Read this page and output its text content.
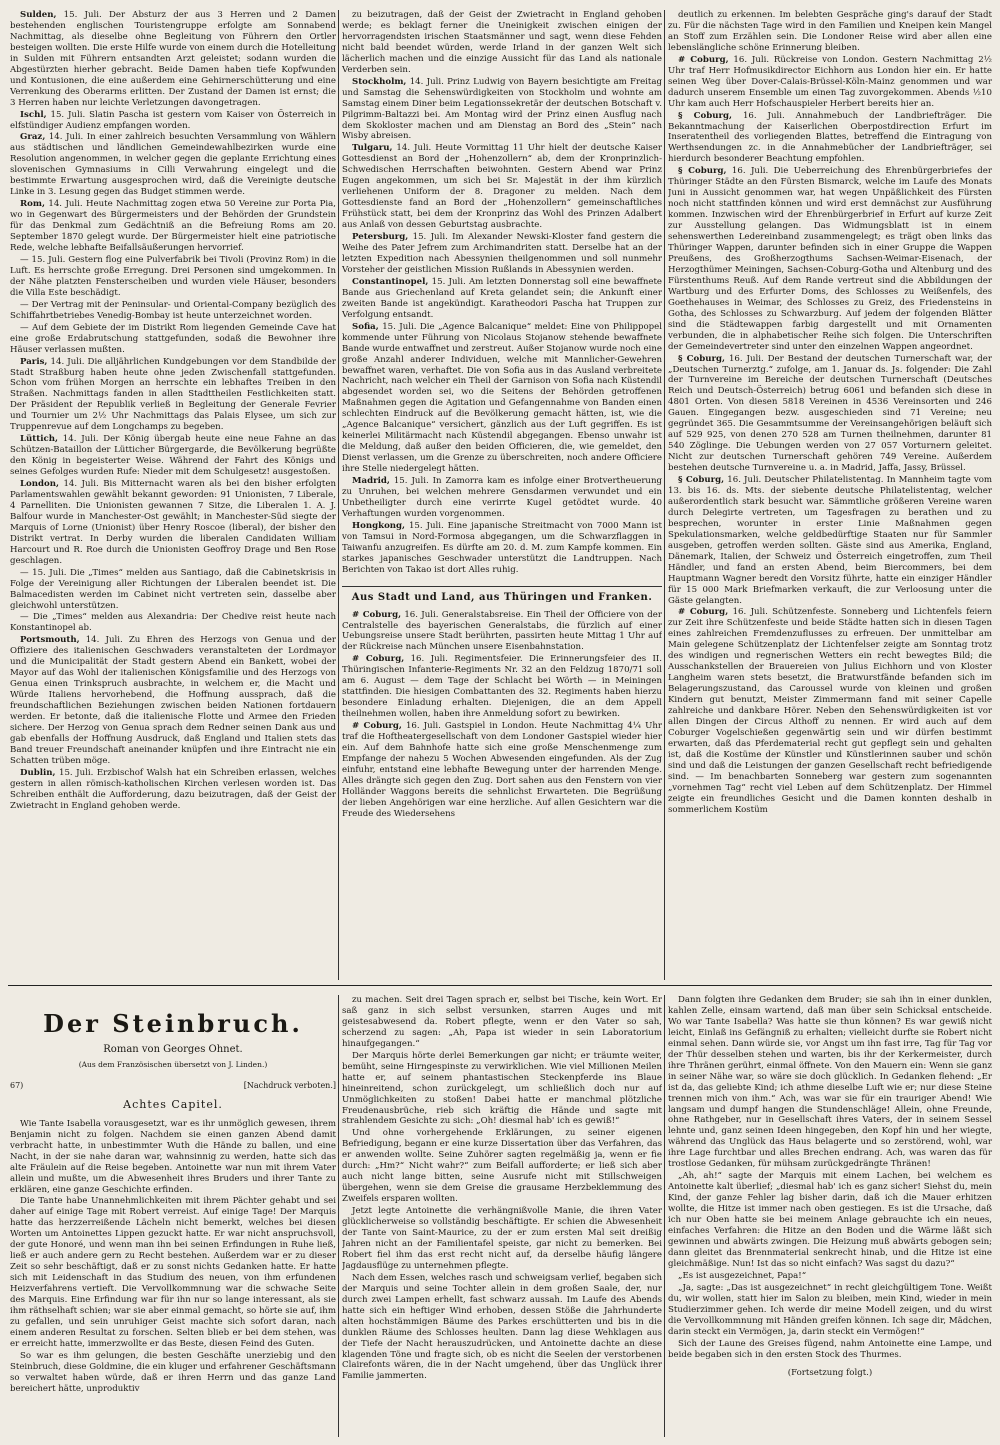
Sulden, 15. Juli. Der Absturz der aus 3 Herren und 2 Damen bestehenden englischen Touristengruppe erfolgte am Sonnabend Nachmittag, als dieselbe ohne Begleitung von Führern den Ortler besteigen wollten. Die erste Hilfe wurde von einem durch die Hotelleitung in Sulden mit Führern entsandten Arzt geleistet; sodann wurden die Abgestürzten hierher gebracht. Beide Damen haben tiefe Kopfwunden und Kontusionen, die eine außerdem eine Gehirnerschütterung und eine Verrenkung des Oberarms erlitten. Der Zustand der Damen ist ernst; die 3 Herren haben nur leichte Verletzungen davongetragen.

Ischl, 15. Juli. Slatin Pascha ist gestern vom Kaiser von Österreich in elfstündiger Audienz empfangen worden.

Graz, 14. Juli. In einer zahlreich besuchten Versammlung von Wählern aus städtischen und ländlichen Gemeindewahlbezirken wurde eine Resolution angenommen, in welcher gegen die geplante Errichtung eines slovenischen Gymnasiums in Cilli Verwahrung eingelegt und die bestimmte Erwartung ausgesprochen wird, daß die Vereinigte deutsche Linke in 3. Lesung gegen das Budget stimmen werde.

Rom, 14. Juli. Heute Nachmittag zogen etwa 50 Vereine zur Porta Pia, wo in Gegenwart des Bürgermeisters und der Behörden der Grundstein für das Denkmal zum Gedächtniß an die Befreiung Roms am 20. September 1870 gelegt wurde. Der Bürgermeister hielt eine patriotische Rede, welche lebhafte Beifallsäußerungen hervorrief.

— 15. Juli. Gestern flog eine Pulverfabrik bei Tivoli (Provinz Rom) in die Luft. Es herrschte große Erregung. Drei Personen sind umgekommen. In der Nähe platzten Fensterscheiben und wurden viele Häuser, besonders die Villa Este beschädigt.

— Der Vertrag mit der Peninsular- und Oriental-Company bezüglich des Schiffahrtbetriebes Venedig-Bombay ist heute unterzeichnet worden.

— Auf dem Gebiete der im Distrikt Rom liegenden Gemeinde Cave hat eine große Erdabrutschung stattgefunden, sodaß die Bewohner ihre Häuser verlassen mußten.

Paris, 14. Juli. Die alljährlichen Kundgebungen vor dem Standbilde der Stadt Straßburg haben heute ohne jeden Zwischenfall stattgefunden. Schon vom frühen Morgen an herrschte ein lebhaftes Treiben in den Straßen. Nachmittags fanden in allen Stadttheilen Festlichkeiten statt. Der Präsident der Republik verließ in Begleitung der Generale Fevrier und Tournier um 2½ Uhr Nachmittags das Palais Elysee, um sich zur Truppenrevue auf dem Longchamps zu begeben.

Lüttich, 14. Juli. Der König übergab heute eine neue Fahne an das Schützen-Bataillon der Lütticher Bürgergarde, die Bevölkerung begrüßte den König in begeisterter Weise. Während der Fahrt des Königs und seines Gefolges wurden Rufe: Nieder mit dem Schulgesetz! ausgestoßen.

London, 14. Juli. Bis Mitternacht waren als bei den bisher erfolgten Parlamentswahlen gewählt bekannt geworden: 91 Unionisten, 7 Liberale, 4 Parnelliten. Die Unionisten gewannen 7 Sitze, die Liberalen 1. A. J. Balfour wurde in Manchester-Ost gewählt; in Manchester-Süd siegte der Marquis of Lorne (Unionist) über Henry Roscoe (liberal), der bisher den Distrikt vertrat. In Derby wurden die liberalen Candidaten William Harcourt und R. Roe durch die Unionisten Geoffroy Drage und Ben Rose geschlagen.

— 15. Juli. Die „Times“ melden aus Santiago, daß die Cabinetskrisis in Folge der Vereinigung aller Richtungen der Liberalen beendet ist. Die Balmacedisten werden im Cabinet nicht vertreten sein, dasselbe aber gleichwohl unterstützen.

— Die „Times“ melden aus Alexandria: Der Chedive reist heute nach Konstantinopel ab.

Portsmouth, 14. Juli. Zu Ehren des Herzogs von Genua und der Offiziere des italienischen Geschwaders veranstalteten der Lordmayor und die Municipalität der Stadt gestern Abend ein Bankett, wobei der Mayor auf das Wohl der italienischen Königsfamilie und des Herzogs von Genua einen Trinkspruch ausbrachte, in welchem er, die Macht und Würde Italiens hervorhebend, die Hoffnung aussprach, daß die freundschaftlichen Beziehungen zwischen beiden Nationen fortdauern werden. Er betonte, daß die italienische Flotte und Armee den Frieden sichere. Der Herzog von Genua sprach dem Redner seinen Dank aus und gab ebenfalls der Hoffnung Ausdruck, daß England und Italien stets das Band treuer Freundschaft aneinander knüpfen und ihre Eintracht nie ein Schatten trüben möge.

Dublin, 15. Juli. Erzbischof Walsh hat ein Schreiben erlassen, welches gestern in allen römisch-katholischen Kirchen verlesen worden ist. Das Schreiben enthält die Aufforderung, dazu beizutragen, daß der Geist der Zwietracht in England gehoben werde.

zu beizutragen, daß der Geist der Zwietracht in England gehoben werde; es beklagt ferner die Uneinigkeit zwischen einigen der hervorragendsten irischen Staatsmänner und sagt, wenn diese Fehden nicht bald beendet würden, werde Irland in der ganzen Welt sich lächerlich machen und die einzige Aussicht für das Land als nationale Verderben sein.

Stockholm, 14. Juli. Prinz Ludwig von Bayern besichtigte am Freitag und Samstag die Sehenswürdigkeiten von Stockholm und wohnte am Samstag einem Diner beim Legationssekretär der deutschen Botschaft v. Pilgrimm-Baltazzi bei. Am Montag wird der Prinz einen Ausflug nach dem Skokloster machen und am Dienstag an Bord des „Stein“ nach Wisby abreisen.

Tulgaru, 14. Juli. Heute Vormittag 11 Uhr hielt der deutsche Kaiser Gottesdienst an Bord der „Hohenzollern“ ab, dem der Kronprinzlich-Schwedischen Herrschaften beiwohnten. Gestern Abend war Prinz Eugen angekommen, um sich bei Sr. Majestät in der ihm kürzlich verliehenen Uniform der 8. Dragoner zu melden. Nach dem Gottesdienste fand an Bord der „Hohenzollern“ gemeinschaftliches Frühstück statt, bei dem der Kronprinz das Wohl des Prinzen Adalbert aus Anlaß von dessen Geburtstag ausbrachte.

Petersburg, 15. Juli. Im Alexander Newski-Kloster fand gestern die Weihe des Pater Jefrem zum Archimandriten statt. Derselbe hat an der letzten Expedition nach Abessynien theilgenommen und soll nunmehr Vorsteher der geistlichen Mission Rußlands in Abessynien werden.

Constantinopel, 15. Juli. Am letzten Donnerstag soll eine bewaffnete Bande aus Griechenland auf Kreta gelandet sein; die Ankunft einer zweiten Bande ist angekündigt. Karatheodori Pascha hat Truppen zur Verfolgung entsandt.

Sofia, 15. Juli. Die „Agence Balcanique“ meldet: Eine von Philippopel kommende unter Führung von Nicolaus Stojanow stehende bewaffnete Bande wurde entwaffnet und zerstreut. Außer Stojanow wurde noch eine große Anzahl anderer Individuen, welche mit Mannlicher-Gewehren bewaffnet waren, verhaftet. Die von Sofia aus in das Ausland verbreitete Nachricht, nach welcher ein Theil der Garnison von Sofia nach Küstendil abgesendet worden sei, wo die Seitens der Behörden getroffenen Maßnahmen gegen die Agitation und Gefangennahme von Banden einen schlechten Eindruck auf die Bevölkerung gemacht hätten, ist, wie die „Agence Balcanique“ versichert, gänzlich aus der Luft gegriffen. Es ist keinerlei Militärmacht nach Küstendil abgegangen. Ebenso unwahr ist die Meldung, daß außer den beiden Officieren, die, wie gemeldet, den Dienst verlassen, um die Grenze zu überschreiten, noch andere Officiere ihre Stelle niedergelegt hätten.

Madrid, 15. Juli. In Zamorra kam es infolge einer Brotvertheuerung zu Unruhen, bei welchen mehrere Gensdarmen verwundet und ein Unbetheiligter durch eine verirrte Kugel getödtet wurde. 40 Verhaftungen wurden vorgenommen.

Hongkong, 15. Juli. Eine japanische Streitmacht von 7000 Mann ist von Tamsui in Nord-Formosa abgegangen, um die Schwarzflaggen in Taiwanfu anzugreifen. Es dürfte am 20. d. M. zum Kampfe kommen. Ein starkes japanisches Geschwader unterstützt die Landtruppen. Nach Berichten von Takao ist dort Alles ruhig.

Aus Stadt und Land, aus Thüringen und Franken.

# Coburg, 16. Juli. Generalstabsreise. Ein Theil der Officiere von der Centralstelle des bayerischen Generalstabs, die fürzlich auf einer Uebungsreise unsere Stadt berührten, passirten heute Mittag 1 Uhr auf der Rückreise nach München unsere Eisenbahnstation.

# Coburg, 16. Juli. Regimentsfeier. Die Erinnerungsfeier des II. Thüringischen Infanterie-Regiments Nr. 32 an den Feldzug 1870/71 soll am 6. August — dem Tage der Schlacht bei Wörth — in Meiningen stattfinden. Die hiesigen Combattanten des 32. Regiments haben hierzu besondere Einladung erhalten. Diejenigen, die an dem Appell theilnehmen wollen, haben ihre Anmeldung sofort zu bewirken.

# Coburg, 16. Juli. Gastspiel in London. Heute Nachmittag 4¼ Uhr traf die Hoftheatergesellschaft von dem Londoner Gastspiel wieder hier ein. Auf dem Bahnhofe hatte sich eine große Menschenmenge zum Empfange der nahezu 5 Wochen Abwesenden eingefunden. Als der Zug einfuhr, entstand eine lebhafte Bewegung unter der harrenden Menge. Alles drängte sich gegen den Zug. Dort sahen aus den Fenstern von vier Holländer Waggons bereits die sehnlichst Erwarteten. Die Begrüßung der lieben Angehörigen war eine herzliche. Auf allen Gesichtern war die Freude des Wiedersehens

deutlich zu erkennen. Im belebten Gespräche ging's darauf der Stadt zu. Für die nächsten Tage wird in den Familien und Kneipen kein Mangel an Stoff zum Erzählen sein. Die Londoner Reise wird aber allen eine lebenslängliche schöne Erinnerung bleiben.

# Coburg, 16. Juli. Rückreise von London. Gestern Nachmittag 2½ Uhr traf Herr Hofmusikdirector Eichhorn aus London hier ein. Er hatte seinen Weg über Dover-Calais-Brüssel-Köln-Mainz genommen und war dadurch unserem Ensemble um einen Tag zuvorgekommen. Abends ½10 Uhr kam auch Herr Hofschauspieler Herbert bereits hier an.

§ Coburg, 16. Juli. Annahmebuch der Landbriefträger. Die Bekanntmachung der Kaiserlichen Oberpostdirection Erfurt im Inseratentheil des vorliegenden Blattes, betreffend die Eintragung von Werthsendungen zc. in die Annahmebücher der Landbriefträger, sei hierdurch besonderer Beachtung empfohlen.

§ Coburg, 16. Juli. Die Ueberreichung des Ehrenbürgerbriefes der Thüringer Städte an den Fürsten Bismarck, welche im Laufe des Monats Juni in Aussicht genommen war, hat wegen Unpäßlichkeit des Fürsten noch nicht stattfinden können und wird erst demnächst zur Ausführung kommen. Inzwischen wird der Ehrenbürgerbrief in Erfurt auf kurze Zeit zur Ausstellung gelangen. Das Widmungsblatt ist in einem sehenswerthen Ledereinband zusammengelegt; es trägt oben links das Thüringer Wappen, darunter befinden sich in einer Gruppe die Wappen Preußens, des Großherzogthums Sachsen-Weimar-Eisenach, der Herzogthümer Meiningen, Sachsen-Coburg-Gotha und Altenburg und des Fürstenthums Reuß. Auf dem Rande vertreut sind die Abbildungen der Wartburg und des Erfurter Doms, des Schlosses zu Weißenfels, des Goethehauses in Weimar, des Schlosses zu Greiz, des Friedensteins in Gotha, des Schlosses zu Schwarzburg. Auf jedem der folgenden Blätter sind die Städtewappen farbig dargestellt und mit Ornamenten verbunden, die in alphabetischer Reihe sich folgen. Die Unterschriften der Gemeindevertreter sind unter den einzelnen Wappen angeordnet.

§ Coburg, 16. Juli. Der Bestand der deutschen Turnerschaft war, der „Deutschen Turnerztg.“ zufolge, am 1. Januar ds. Js. folgender: Die Zahl der Turnvereine im Bereiche der deutschen Turnerschaft (Deutsches Reich und Deutsch-Österreich) betrug 6061 und befanden sich diese in 4801 Orten. Von diesen 5818 Vereinen in 4536 Vereinsorten und 246 Gauen. Eingegangen bezw. ausgeschieden sind 71 Vereine; neu gegründet 365. Die Gesammtsumme der Vereinsangehörigen beläuft sich auf 529 925, von denen 270 528 am Turnen theilnehmen, darunter 81 540 Zöglinge. Die Uebungen werden von 27 057 Vorturnern geleitet. Nicht zur deutschen Turnerschaft gehören 749 Vereine. Außerdem bestehen deutsche Turnvereine u. a. in Madrid, Jaffa, Jassy, Brüssel.

§ Coburg, 16. Juli. Deutscher Philatelistentag. In Mannheim tagte vom 13. bis 16. ds. Mts. der siebente deutsche Philatelistentag, welcher außerordentlich stark besucht war. Sämmtliche größeren Vereine waren durch Delegirte vertreten, um Tagesfragen zu berathen und zu besprechen, worunter in erster Linie Maßnahmen gegen Spekulationsmarken, welche geldbedürftige Staaten nur für Sammler ausgeben, getroffen werden sollten. Gäste sind aus Amerika, England, Dänemark, Italien, der Schweiz und Österreich eingetroffen, zum Theil Händler, und fand an ersten Abend, beim Biercommers, bei dem Hauptmann Wagner beredt den Vorsitz führte, hatte ein einziger Händler für 15 000 Mark Briefmarken verkauft, die zur Verloosung unter die Gäste gelangten.

# Coburg, 16. Juli. Schützenfeste. Sonneberg und Lichtenfels feiern zur Zeit ihre Schützenfeste und beide Städte hatten sich in diesen Tagen eines zahlreichen Fremdenzuflusses zu erfreuen. Der unmittelbar am Main gelegene Schützenplatz der Lichtenfelser zeigte am Sonntag trotz des windigen und regnerischen Wetters ein recht bewegtes Bild; die Ausschankstellen der Brauereien von Julius Eichhorn und von Kloster Langheim waren stets besetzt, die Bratwurstfände befanden sich im Belagerungszustand, das Caroussel wurde von kleinen und großen Kindern gut benutzt, Meister Zimmermann fand mit seiner Capelle zahlreiche und dankbare Hörer. Neben den Sehenswürdigkeiten ist vor allen Dingen der Circus Althoff zu nennen. Er wird auch auf dem Coburger Vogelschießen gegenwärtig sein und wir dürfen bestimmt erwarten, daß das Pferdematerial recht gut gepflegt sein und gehalten ist, daß die Kostüme der Künstler und Künstlerinnen sauber und schön sind und daß die Leistungen der ganzen Gesellschaft recht befriedigende sind. — Im benachbarten Sonneberg war gestern zum sogenannten „vornehmen Tag“ recht viel Leben auf dem Schützenplatz. Der Himmel zeigte ein freundliches Gesicht und die Damen konnten deshalb in sommerlichem Kostüm

Der Steinbruch.
Roman von Georges Ohnet.
(Aus dem Französischen übersetzt von J. Linden.)
67)	[Nachdruck verboten.]
Achtes Capitel.

Wie Tante Isabella vorausgesetzt, war es ihr unmöglich gewesen, ihrem Benjamin nicht zu folgen. Nachdem sie einen ganzen Abend damit verbracht hatte, in unbestimmter Wuth die Hände zu ballen, und eine Nacht, in der sie nahe daran war, wahnsinnig zu werden, hatte sich das alte Fräulein auf die Reise begeben. Antoinette war nun mit ihrem Vater allein und mußte, um die Abwesenheit ihres Bruders und ihrer Tante zu erklären, eine ganze Geschichte erfinden.

Die Tante habe Unannehmlichkeiten mit ihrem Pächter gehabt und sei daher auf einige Tage mit Robert verreist. Auf einige Tage! Der Marquis hatte das herzzerreißende Lächeln nicht bemerkt, welches bei diesen Worten um Antoinettes Lippen gezuckt hatte. Er war nicht anspruchsvoll, der gute Honoré, und wenn man ihn bei seinen Erfindungen in Ruhe ließ, ließ er auch andere gern zu Recht bestehen. Außerdem war er zu dieser Zeit so sehr beschäftigt, daß er zu sonst nichts Gedanken hatte. Er hatte sich mit Leidenschaft in das Studium des neuen, von ihm erfundenen Heizverfahrens vertieft. Die Vervollkommnung war die schwache Seite des Marquis. Eine Erfindung war für ihn nur so lange interessant, als sie ihm räthselhaft schien; war sie aber einmal gemacht, so hörte sie auf, ihm zu gefallen, und sein unruhiger Geist machte sich sofort daran, nach einem anderen Resultat zu forschen. Selten blieb er bei dem stehen, was er erreicht hatte, immerzwollte er das Beste, diesen Feind des Guten.

So war es ihm gelungen, die besten Geschäfte unerziebig und den Steinbruch, diese Goldmine, die ein kluger und erfahrener Geschäftsmann so verwaltet haben würde, daß er ihren Herrn und das ganze Land bereichert hätte, unproduktiv

zu machen. Seit drei Tagen sprach er, selbst bei Tische, kein Wort. Er saß ganz in sich selbst versunken, starren Auges und mit geistesabwesend da. Robert pflegte, wenn er den Vater so sah, scherzend zu sagen: „Ah, Papa ist wieder in sein Laboratorium hinaufgegangen.“

Der Marquis hörte derlei Bemerkungen gar nicht; er träumte weiter, bemüht, seine Hirngespinste zu verwirklichen. Wie viel Millionen Meilen hatte er, auf seinem phantastischen Steckenpferde ins Blaue hineinreitend, schon zurückgelegt, um schließlich doch nur auf Unmöglichkeiten zu stoßen! Dabei hatte er manchmal plötzliche Freudenausbrüche, rieb sich kräftig die Hände und sagte mit strahlendem Gesichte zu sich: „Oh! diesmal hab' ich es gewiß!“

Und ohne vorhergehende Erklärungen, zu seiner eigenen Befriedigung, begann er eine kurze Dissertation über das Verfahren, das er anwenden wollte. Seine Zuhörer sagten regelmäßig ja, wenn er fie durch: „Hm?“ Nicht wahr?“ zum Beifall aufforderte; er ließ sich aber auch nicht lange bitten, seine Ausrufe nicht mit Stillschweigen übergehen, wenn sie dem Greise die grausame Herzbeklemmung des Zweifels ersparen wollten.

Jetzt legte Antoinette die verhängnißvolle Manie, die ihren Vater glücklicherweise so vollständig beschäftigte. Er schien die Abwesenheit der Tante von Saint-Maurice, zu der er zum ersten Mal seit dreißig Jahren nicht an der Familientafel speiste, gar nicht zu bemerken. Bei Robert fiel ihm das erst recht nicht auf, da derselbe häufig längere Jagdausflüge zu unternehmen pflegte.

Nach dem Essen, welches rasch und schweigsam verlief, begaben sich der Marquis und seine Tochter allein in dem großen Saale, der, nur durch zwei Lampen erhellt, fast schwarz aussah. Im Laufe des Abends hatte sich ein heftiger Wind erhoben, dessen Stöße die Jahrhunderte alten hochstämmigen Bäume des Parkes erschütterten und bis in die dunklen Räume des Schlosses heulten. Dann lag diese Wehklagen aus der Tiefe der Nacht herauszudrücken, und Antoinette dachte an diese klagenden Töne und fragte sich, ob es nicht die Seelen der verstorbenen Clairefonts wären, die in der Nacht umgehend, über das Unglück ihrer Familie jammerten.

Dann folgten ihre Gedanken dem Bruder; sie sah ihn in einer dunklen, kahlen Zelle, einsam wartend, daß man über sein Schicksal entscheide. Wo war Tante Isabella? Was hatte sie thun können? Es war gewiß nicht leicht, Einlaß ins Gefängniß zu erhalten; vielleicht durfte sie Robert nicht einmal sehen. Dann würde sie, vor Angst um ihn fast irre, Tag für Tag vor der Thür desselben stehen und warten, bis ihr der Kerkermeister, durch ihre Thränen gerührt, einmal öffnete. Von den Mauern ein: Wenn sie ganz in seiner Nähe war, so wäre sie doch glücklich. In Gedanken flehend: „Er ist da, das geliebte Kind; ich athme dieselbe Luft wie er; nur diese Steine trennen mich von ihm.“ Ach, was war sie für ein trauriger Abend! Wie langsam und dumpf hangen die Stundenschläge! Allein, ohne Freunde, ohne Rathgeber, nur in Gesellschaft ihres Vaters, der in seinem Sessel lehnte und, ganz seinen Ideen hingegeben, den Kopf hin und her wiegte, während das Unglück das Haus belagerte und so zerstörend, wohl, war ihre Lage furchtbar und alles Brechen endrang. Ach, was waren das für trostlose Gedanken, für mühsam zurückgedrängte Thränen!

„Ah, ah!“ sagte der Marquis mit einem Lachen, bei welchem es Antoinette kalt überlief; „diesmal hab' ich es ganz sicher! Siehst du, mein Kind, der ganze Fehler lag bisher darin, daß ich die Mauer erhitzen wollte, die Hitze ist immer nach oben gestiegen. Es ist die Ursache, daß ich nur Oben hatte sie bei meinem Anlage gebrauchte ich ein neues, einfaches Verfahren: die Hitze an den Boden und die Wärme läßt sich gewinnen und abwärts zwingen. Die Heizung muß abwärts gebogen sein; dann gleitet das Brennmaterial senkrecht hinab, und die Hitze ist eine gleichmäßige. Nun! Ist das so nicht einfach? Was sagst du dazu?“

„Es ist ausgezeichnet, Papa!“

„Ja, sagte: „Das ist ausgezeichnet“ in recht gleichgültigem Tone. Weißt du, wir wollen, statt hier im Salon zu bleiben, mein Kind, wieder in mein Studierzimmer gehen. Ich werde dir meine Modell zeigen, und du wirst die Vervollkommnung mit Händen greifen können. Ich sage dir, Mädchen, darin steckt ein Vermögen, ja, darin steckt ein Vermögen!“

Sich der Laune des Greises fügend, nahm Antoinette eine Lampe, und beide begaben sich in den ersten Stock des Thurmes.

(Fortsetzung folgt.)
